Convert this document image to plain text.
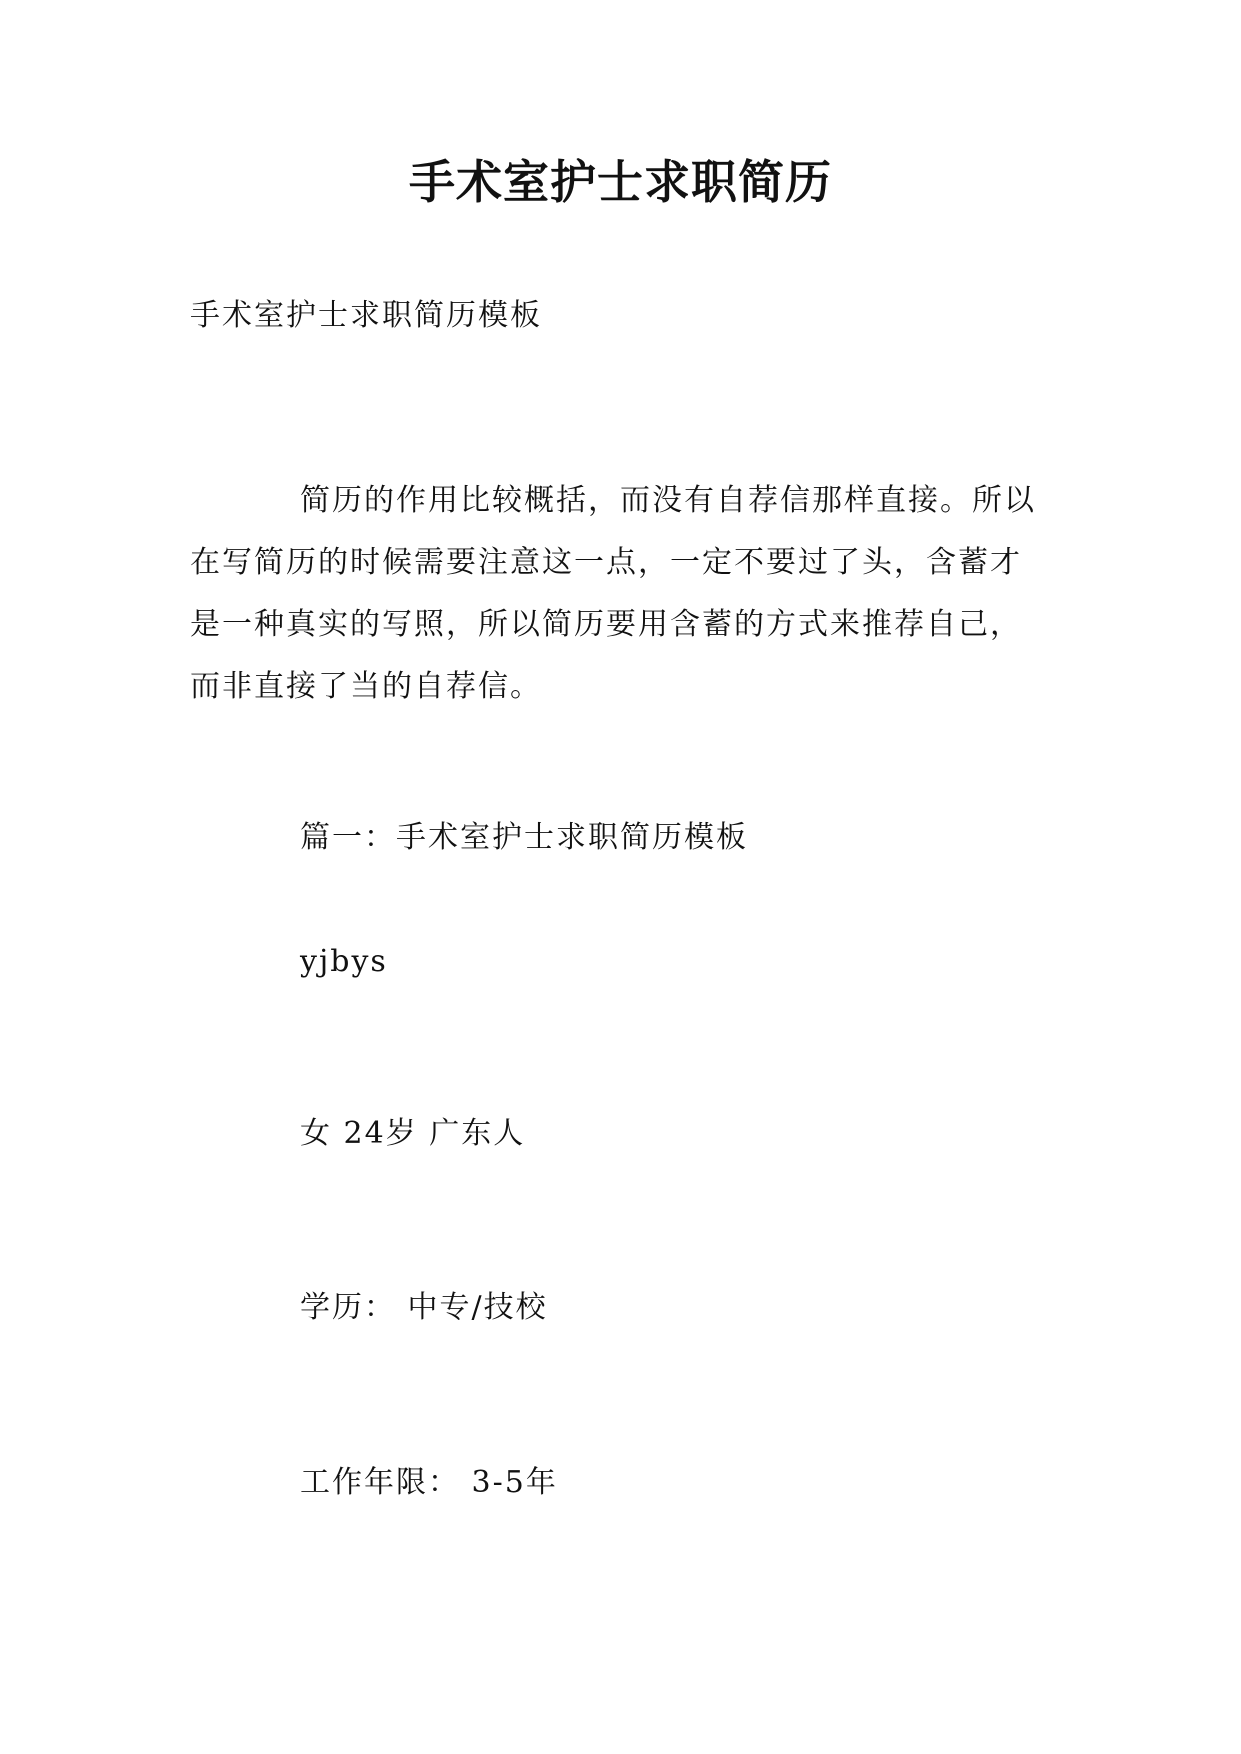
手术室护士求职简历
手术室护士求职简历模板
简历的作用比较概括，而没有自荐信那样直接。所以
在写简历的时候需要注意这一点，一定不要过了头，含蓄才
是一种真实的写照，所以简历要用含蓄的方式来推荐自己，
而非直接了当的自荐信。
篇一：手术室护士求职简历模板
yjbys
女 24岁 广东人
学历： 中专/技校
工作年限： 3-5年
